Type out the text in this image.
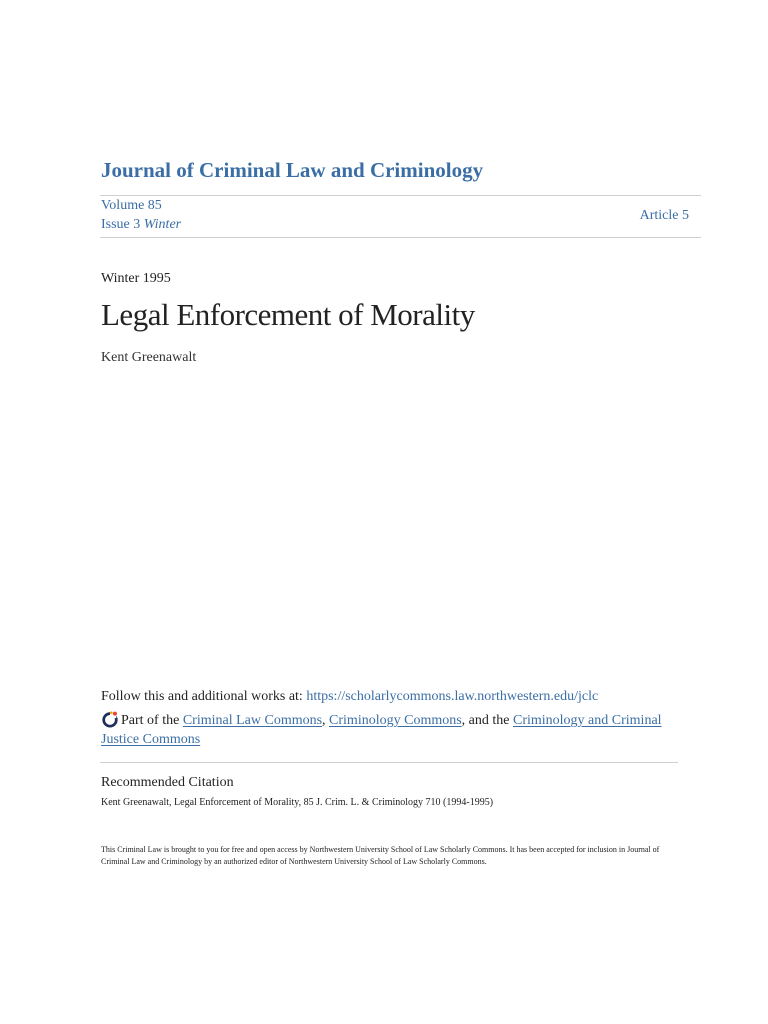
Journal of Criminal Law and Criminology
Volume 85
Issue 3 Winter
Article 5
Winter 1995
Legal Enforcement of Morality
Kent Greenawalt
Follow this and additional works at: https://scholarlycommons.law.northwestern.edu/jclc
Part of the Criminal Law Commons, Criminology Commons, and the Criminology and Criminal Justice Commons
Recommended Citation
Kent Greenawalt, Legal Enforcement of Morality, 85 J. Crim. L. & Criminology 710 (1994-1995)
This Criminal Law is brought to you for free and open access by Northwestern University School of Law Scholarly Commons. It has been accepted for inclusion in Journal of Criminal Law and Criminology by an authorized editor of Northwestern University School of Law Scholarly Commons.
